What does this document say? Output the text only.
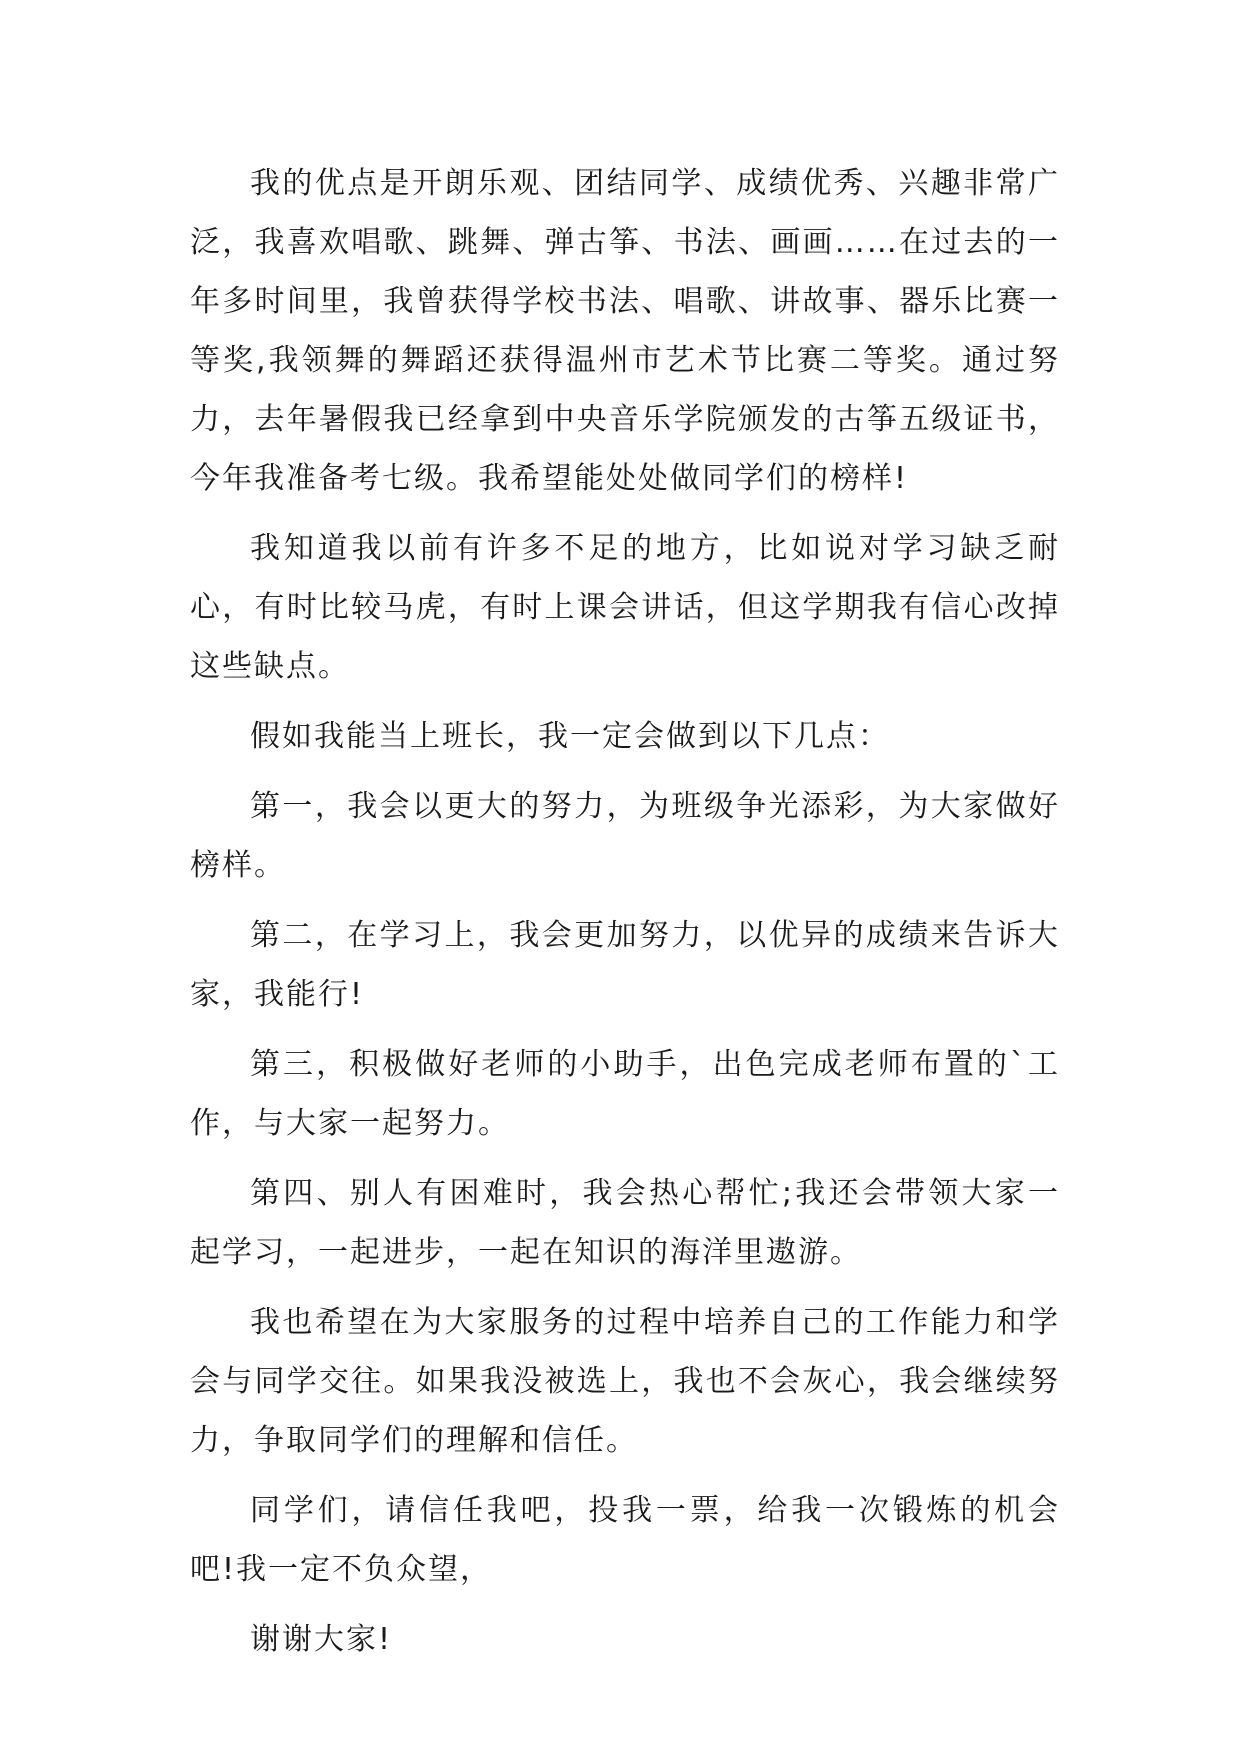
我的优点是开朗乐观、团结同学、成绩优秀、兴趣非常广泛，我喜欢唱歌、跳舞、弹古筝、书法、画画……在过去的一年多时间里，我曾获得学校书法、唱歌、讲故事、器乐比赛一等奖,我领舞的舞蹈还获得温州市艺术节比赛二等奖。通过努力，去年暑假我已经拿到中央音乐学院颁发的古筝五级证书，今年我准备考七级。我希望能处处做同学们的榜样!

我知道我以前有许多不足的地方，比如说对学习缺乏耐心，有时比较马虎，有时上课会讲话，但这学期我有信心改掉这些缺点。

假如我能当上班长，我一定会做到以下几点：

第一，我会以更大的努力，为班级争光添彩，为大家做好榜样。

第二，在学习上，我会更加努力，以优异的成绩来告诉大家，我能行!

第三，积极做好老师的小助手，出色完成老师布置的`工作，与大家一起努力。

第四、别人有困难时，我会热心帮忙;我还会带领大家一起学习，一起进步，一起在知识的海洋里遨游。

我也希望在为大家服务的过程中培养自己的工作能力和学会与同学交往。如果我没被选上，我也不会灰心，我会继续努力，争取同学们的理解和信任。

同学们，请信任我吧，投我一票，给我一次锻炼的机会吧!我一定不负众望，

谢谢大家!
